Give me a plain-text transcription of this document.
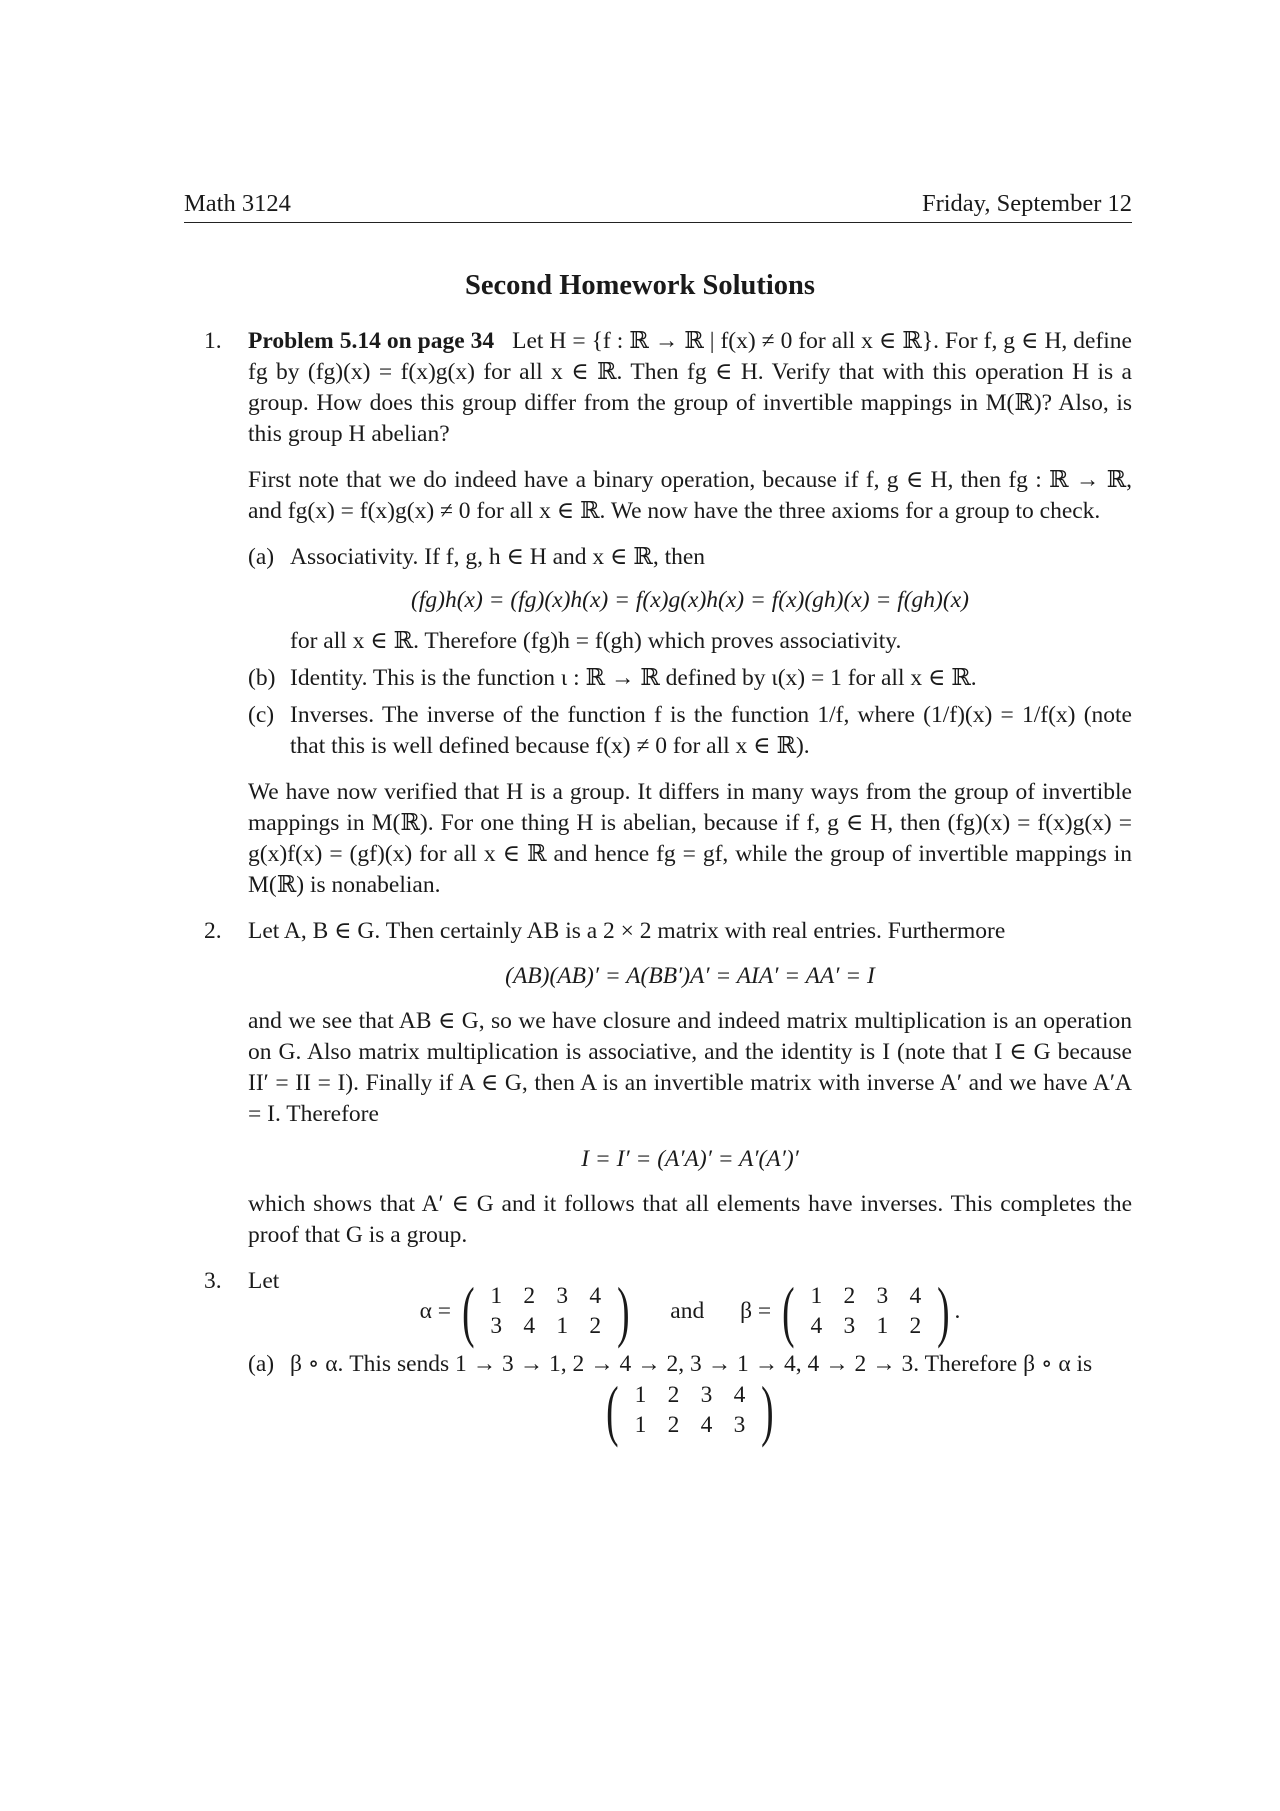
Math 3124	Friday, September 12
Second Homework Solutions
1. Problem 5.14 on page 34 Let H = {f : ℝ → ℝ | f(x) ≠ 0 for all x ∈ ℝ}. For f, g ∈ H, define fg by (fg)(x) = f(x)g(x) for all x ∈ ℝ. Then fg ∈ H. Verify that with this operation H is a group. How does this group differ from the group of invertible mappings in M(ℝ)? Also, is this group H abelian?

First note that we do indeed have a binary operation, because if f, g ∈ H, then fg : ℝ → ℝ, and fg(x) = f(x)g(x) ≠ 0 for all x ∈ ℝ. We now have the three axioms for a group to check.

(a) Associativity. If f, g, h ∈ H and x ∈ ℝ, then

(fg)h(x) = (fg)(x)h(x) = f(x)g(x)h(x) = f(x)(gh)(x) = f(gh)(x)

for all x ∈ ℝ. Therefore (fg)h = f(gh) which proves associativity.

(b) Identity. This is the function ι : ℝ → ℝ defined by ι(x) = 1 for all x ∈ ℝ.

(c) Inverses. The inverse of the function f is the function 1/f, where (1/f)(x) = 1/f(x) (note that this is well defined because f(x) ≠ 0 for all x ∈ ℝ).

We have now verified that H is a group. It differs in many ways from the group of invertible mappings in M(ℝ). For one thing H is abelian, because if f, g ∈ H, then (fg)(x) = f(x)g(x) = g(x)f(x) = (gf)(x) for all x ∈ ℝ and hence fg = gf, while the group of invertible mappings in M(ℝ) is nonabelian.

2. Let A, B ∈ G. Then certainly AB is a 2 × 2 matrix with real entries. Furthermore

(AB)(AB)′ = A(BB′)A′ = AIA′ = AA′ = I

and we see that AB ∈ G, so we have closure and indeed matrix multiplication is an operation on G. Also matrix multiplication is associative, and the identity is I (note that I ∈ G because II′ = II = I). Finally if A ∈ G, then A is an invertible matrix with inverse A′ and we have A′A = I. Therefore

I = I′ = (A′A)′ = A′(A′)′

which shows that A′ ∈ G and it follows that all elements have inverses. This completes the proof that G is a group.

3. Let

α = ( 1 2 3 4
3 4 1 2 ) and β = ( 1 2 3 4
4 3 1 2 ) .
(a) β ∘ α. This sends 1 → 3 → 1, 2 → 4 → 2, 3 → 1 → 4, 4 → 2 → 3. Therefore β ∘ α is

( 1 2 3 4
1 2 4 3 )
